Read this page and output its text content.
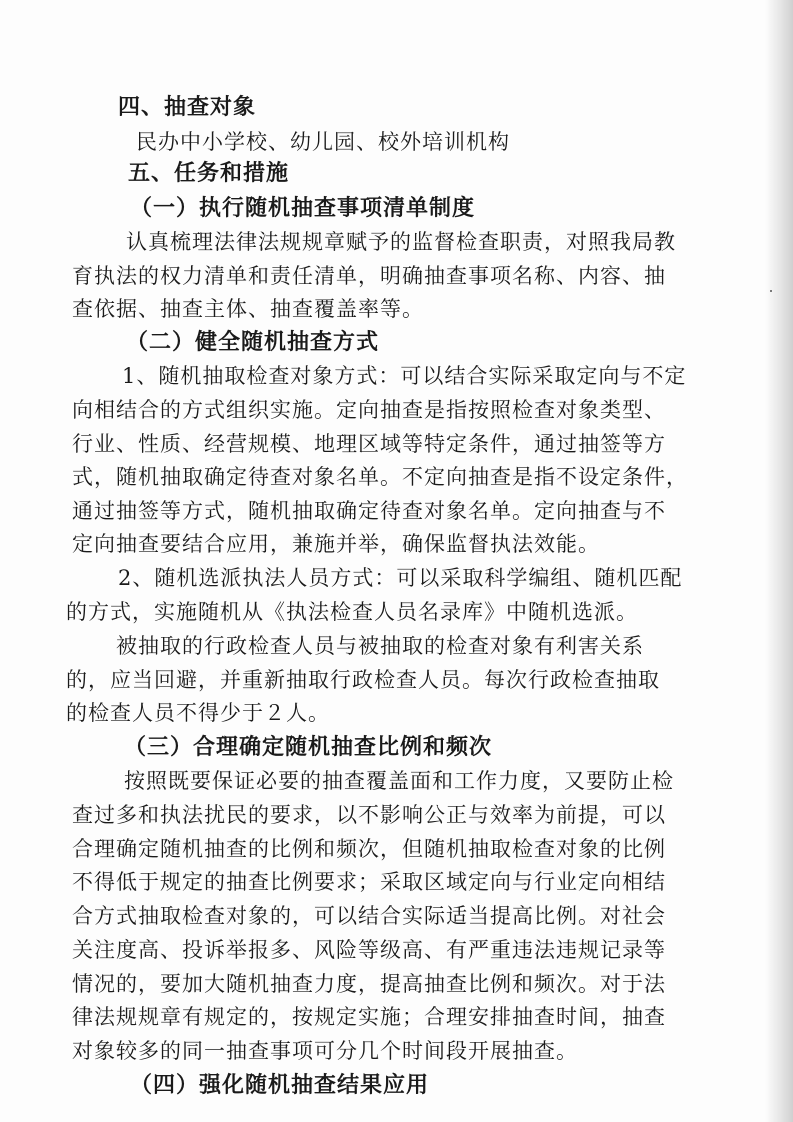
四、抽查对象
民办中小学校、幼儿园、校外培训机构
五、任务和措施
（一）执行随机抽查事项清单制度
认真梳理法律法规规章赋予的监督检查职责，对照我局教
育执法的权力清单和责任清单，明确抽查事项名称、内容、抽
查依据、抽查主体、抽查覆盖率等。
（二）健全随机抽查方式
1、随机抽取检查对象方式：可以结合实际采取定向与不定
向相结合的方式组织实施。定向抽查是指按照检查对象类型、
行业、性质、经营规模、地理区域等特定条件，通过抽签等方
式，随机抽取确定待查对象名单。不定向抽查是指不设定条件，
通过抽签等方式，随机抽取确定待查对象名单。定向抽查与不
定向抽查要结合应用，兼施并举，确保监督执法效能。
2、随机选派执法人员方式：可以采取科学编组、随机匹配
的方式，实施随机从《执法检查人员名录库》中随机选派。
被抽取的行政检查人员与被抽取的检查对象有利害关系
的，应当回避，并重新抽取行政检查人员。每次行政检查抽取
的检查人员不得少于２人。
（三）合理确定随机抽查比例和频次
按照既要保证必要的抽查覆盖面和工作力度，又要防止检
查过多和执法扰民的要求，以不影响公正与效率为前提，可以
合理确定随机抽查的比例和频次，但随机抽取检查对象的比例
不得低于规定的抽查比例要求；采取区域定向与行业定向相结
合方式抽取检查对象的，可以结合实际适当提高比例。对社会
关注度高、投诉举报多、风险等级高、有严重违法违规记录等
情况的，要加大随机抽查力度，提高抽查比例和频次。对于法
律法规规章有规定的，按规定实施；合理安排抽查时间，抽查
对象较多的同一抽查事项可分几个时间段开展抽查。
（四）强化随机抽查结果应用
